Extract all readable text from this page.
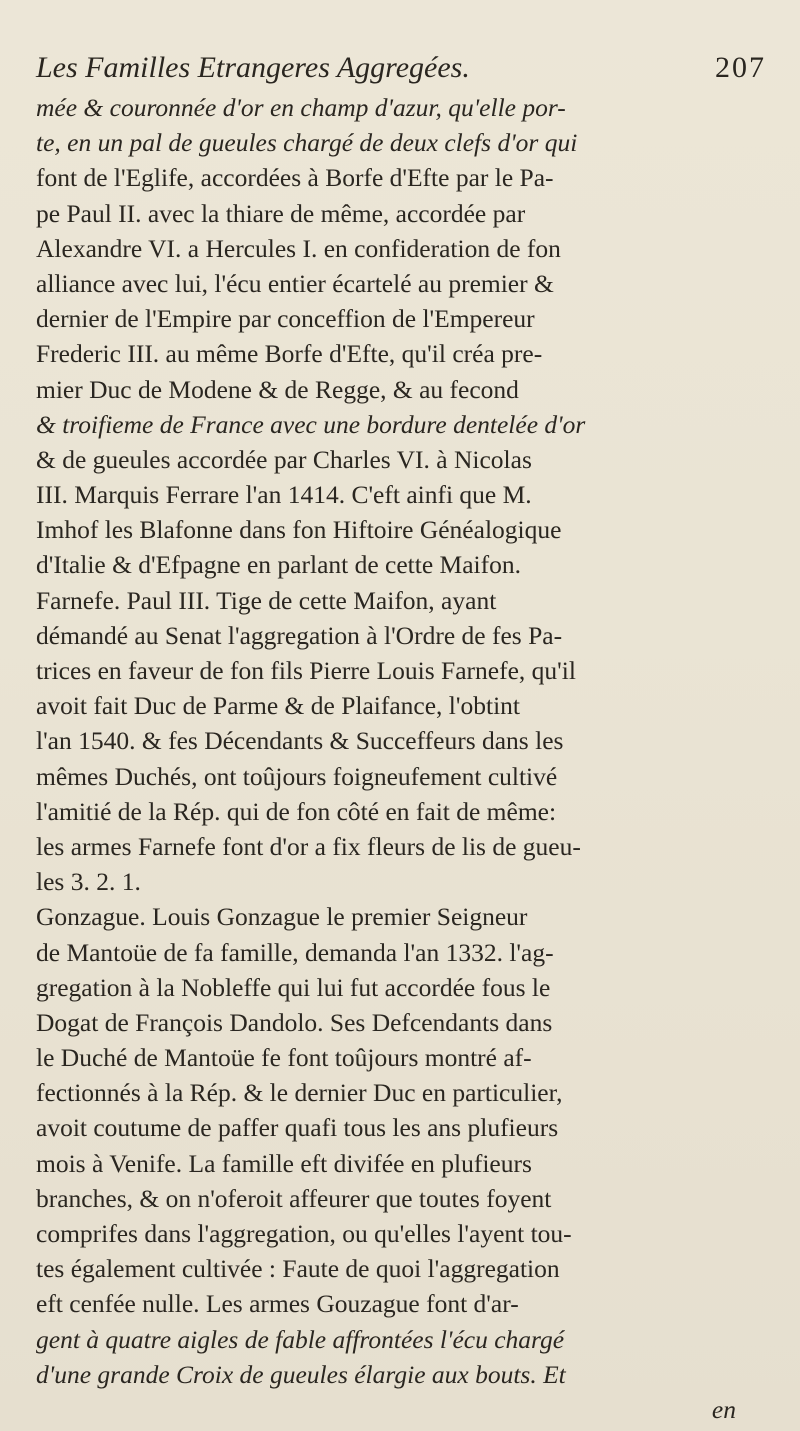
Les Familles Etrangeres Aggregées.	207
mée & couronnée d'or en champ d'azur, qu'elle por-
te, en un pal de gueules chargé de deux clefs d'or qui
font de l'Eglife, accordées à Borfe d'Efte par le Pa-
pe Paul II. avec la thiare de même, accordée par
Alexandre VI. a Hercules I. en confideration de fon
alliance avec lui, l'écu entier écartelé au premier &
dernier de l'Empire par conceffion de l'Empereur
Frederic III. au même Borfe d'Efte, qu'il créa pre-
mier Duc de Modene & de Regge, & au fecond
& troifieme de France avec une bordure dentelée d'or
& de gueules accordée par Charles VI. à Nicolas
III. Marquis Ferrare l'an 1414. C'eft ainfi que M.
Imhof les Blafonne dans fon Hiftoire Généalogique
d'Italie & d'Efpagne en parlant de cette Maifon.
Farnefe. Paul III. Tige de cette Maifon, ayant
démandé au Senat l'aggregation à l'Ordre de fes Pa-
trices en faveur de fon fils Pierre Louis Farnefe, qu'il
avoit fait Duc de Parme & de Plaifance, l'obtint
l'an 1540. & fes Décendants & Succeffeurs dans les
mêmes Duchés, ont toûjours foigneufement cultivé
l'amitié de la Rép. qui de fon côté en fait de même:
les armes Farnefe font d'or a fix fleurs de lis de gueu-
les 3. 2. 1.
Gonzague. Louis Gonzague le premier Seigneur
de Mantoüe de fa famille, demanda l'an 1332. l'ag-
gregation à la Nobleffe qui lui fut accordée fous le
Dogat de François Dandolo. Ses Defcendants dans
le Duché de Mantoüe fe font toûjours montré af-
fectionnés à la Rép. & le dernier Duc en particulier,
avoit coutume de paffer quafi tous les ans plufieurs
mois à Venife. La famille eft divifée en plufieurs
branches, & on n'oferoit affeurer que toutes foyent
comprifes dans l'aggregation, ou qu'elles l'ayent tou-
tes également cultivée : Faute de quoi l'aggregation
eft cenfée nulle. Les armes Gouzague font d'ar-
gent à quatre aigles de fable affrontées l'écu chargé
d'une grande Croix de gueules élargie aux bouts. Et
en
